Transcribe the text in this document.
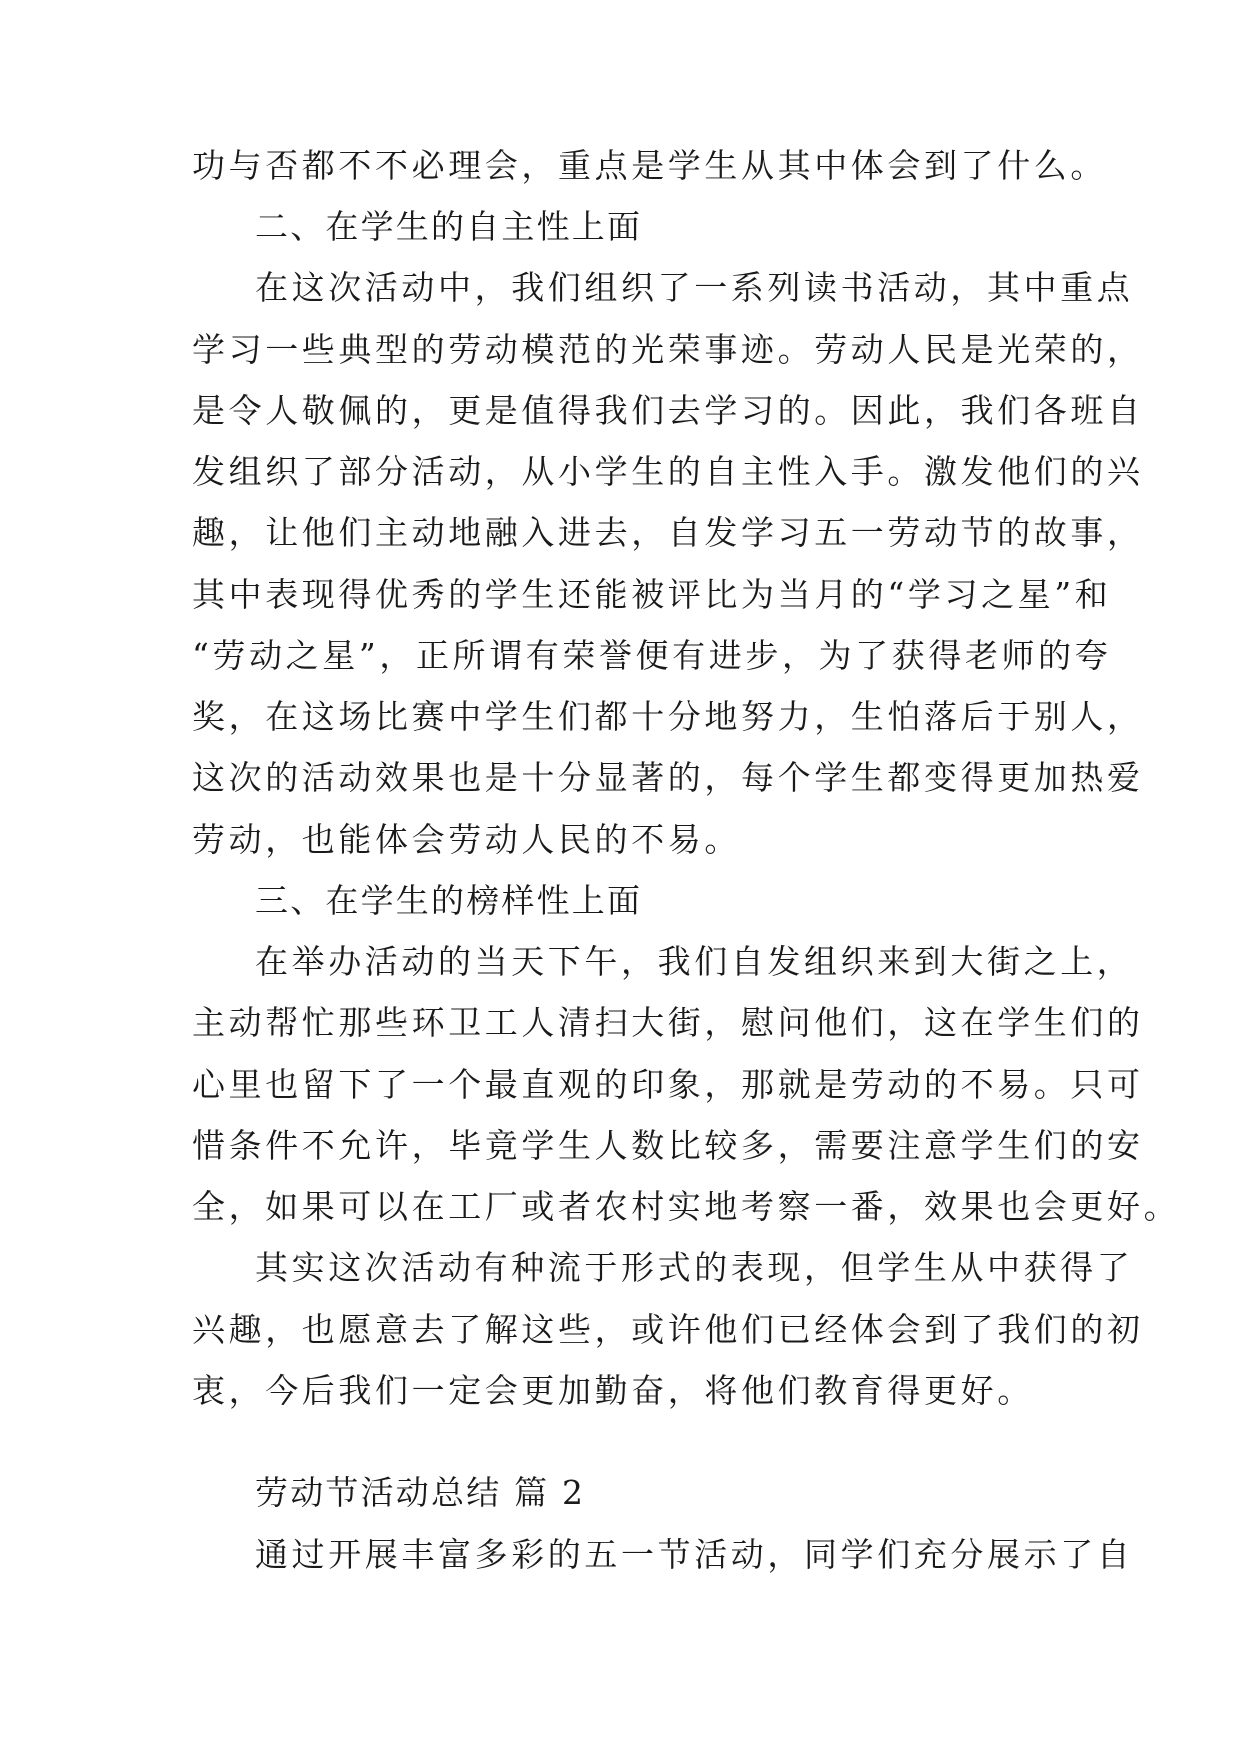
功与否都不不必理会，重点是学生从其中体会到了什么。
二、在学生的自主性上面
在这次活动中，我们组织了一系列读书活动，其中重点
学习一些典型的劳动模范的光荣事迹。劳动人民是光荣的，
是令人敬佩的，更是值得我们去学习的。因此，我们各班自
发组织了部分活动，从小学生的自主性入手。激发他们的兴
趣，让他们主动地融入进去，自发学习五一劳动节的故事，
其中表现得优秀的学生还能被评比为当月的“学习之星”和
“劳动之星”，正所谓有荣誉便有进步，为了获得老师的夸
奖，在这场比赛中学生们都十分地努力，生怕落后于别人，
这次的活动效果也是十分显著的，每个学生都变得更加热爱
劳动，也能体会劳动人民的不易。
三、在学生的榜样性上面
在举办活动的当天下午，我们自发组织来到大街之上，
主动帮忙那些环卫工人清扫大街，慰问他们，这在学生们的
心里也留下了一个最直观的印象，那就是劳动的不易。只可
惜条件不允许，毕竟学生人数比较多，需要注意学生们的安
全，如果可以在工厂或者农村实地考察一番，效果也会更好。
其实这次活动有种流于形式的表现，但学生从中获得了
兴趣，也愿意去了解这些，或许他们已经体会到了我们的初
衷，今后我们一定会更加勤奋，将他们教育得更好。
劳动节活动总结 篇 2
通过开展丰富多彩的五一节活动，同学们充分展示了自
